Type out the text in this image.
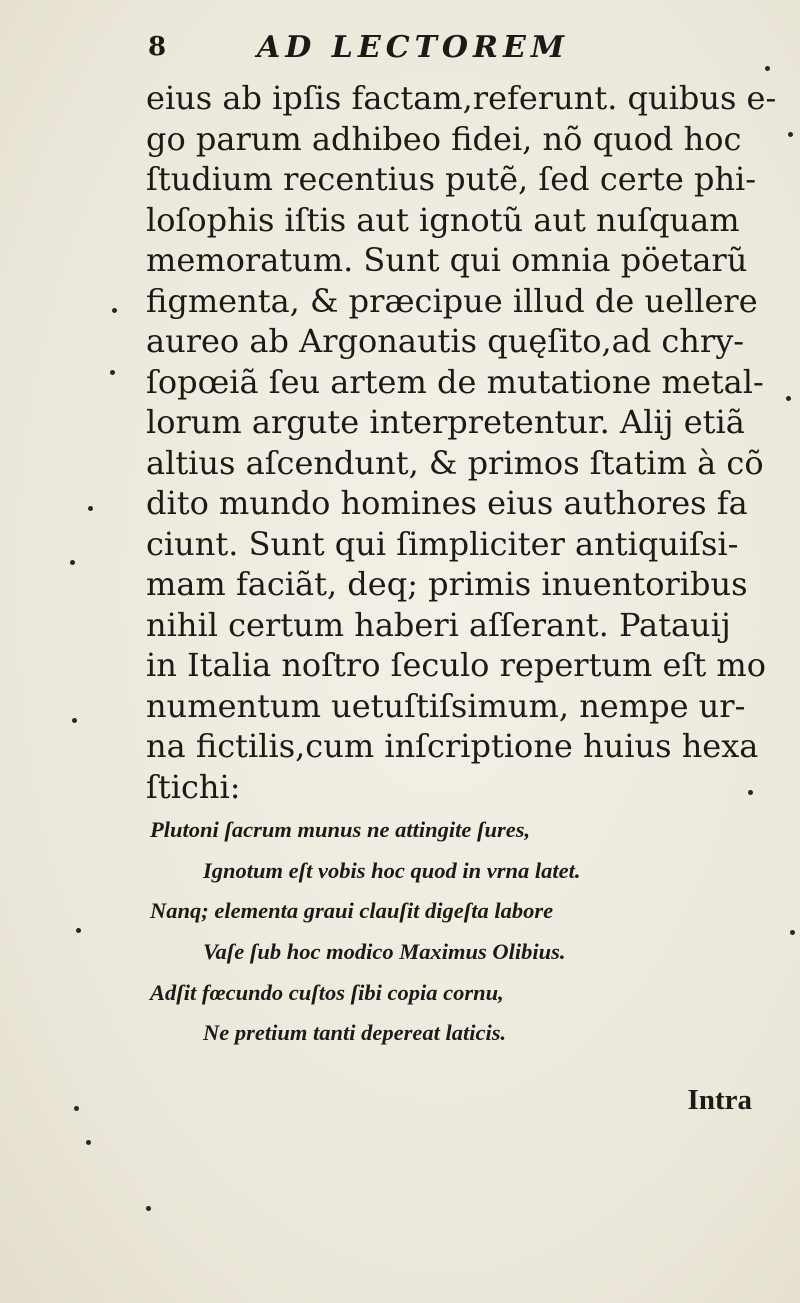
8	AD LECTOREM
eius ab ipſis factam,referunt. quibus e-
go parum adhibeo fidei, nõ quod hoc
ſtudium recentius putẽ, ſed certe phi-
loſophis iſtis aut ignotũ aut nuſquam
memoratum. Sunt qui omnia pöetarũ
figmenta, & præcipue illud de uellere
aureo ab Argonautis quęſito,ad chry-
ſopœiã ſeu artem de mutatione metal-
lorum argute interpretentur. Alij etiã
altius aſcendunt, & primos ſtatim à cõ
dito mundo homines eius authores fa
ciunt. Sunt qui ſimpliciter antiquiſsi-
mam faciãt, deq; primis inuentoribus
nihil certum haberi aſſerant. Patauij
in Italia noſtro ſeculo repertum eſt mo
numentum uetuſtiſsimum, nempe ur-
na fictilis,cum inſcriptione huius hexa
ſtichi:
Plutoni ſacrum munus ne attingite ſures,
Ignotum eſt vobis hoc quod in vrna latet.
Nanq; elementa graui clauſit digeſta labore
Vaſe ſub hoc modico Maximus Olibius.
Adſit fœcundo cuſtos ſibi copia cornu,
Ne pretium tanti depereat laticis.
Intra
